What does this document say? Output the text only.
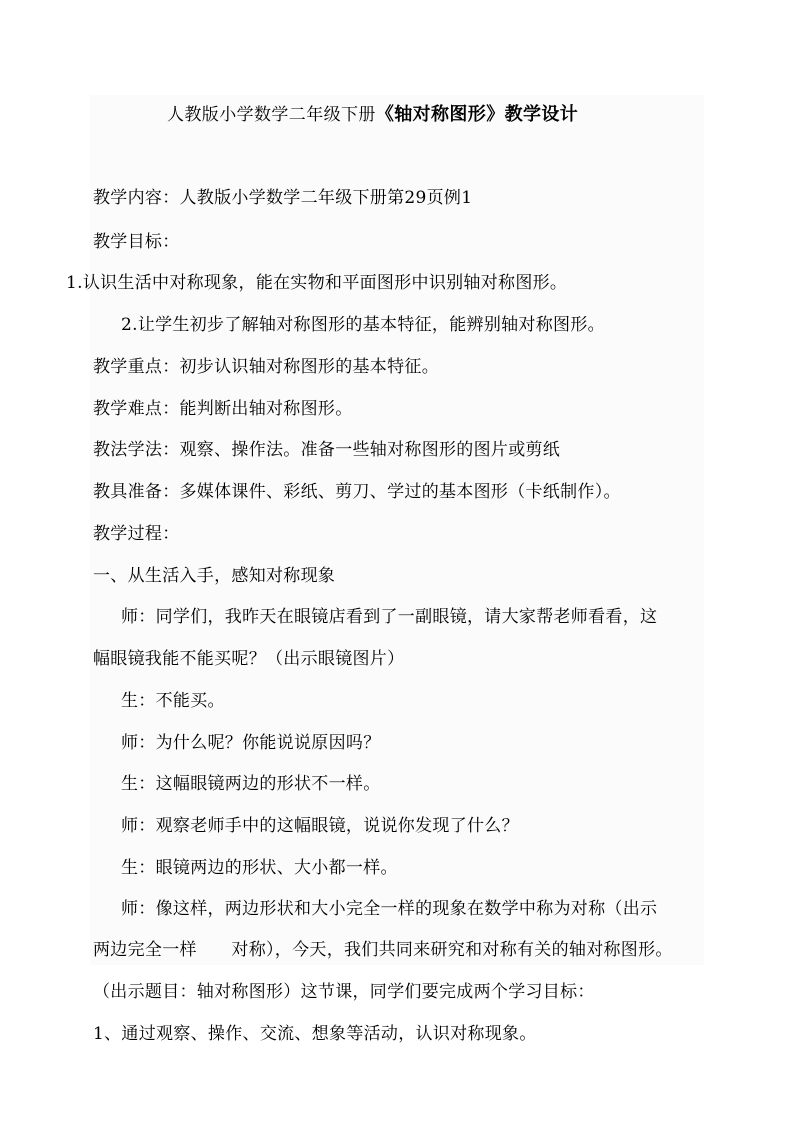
人教版小学数学二年级下册《轴对称图形》教学设计
教学内容：人教版小学数学二年级下册第29页例1
教学目标：
1.认识生活中对称现象，能在实物和平面图形中识别轴对称图形。
2.让学生初步了解轴对称图形的基本特征，能辨别轴对称图形。
教学重点：初步认识轴对称图形的基本特征。
教学难点：能判断出轴对称图形。
教法学法：观察、操作法。准备一些轴对称图形的图片或剪纸
教具准备：多媒体课件、彩纸、剪刀、学过的基本图形（卡纸制作）。
教学过程：
一、从生活入手，感知对称现象
师：同学们，我昨天在眼镜店看到了一副眼镜，请大家帮老师看看，这
幅眼镜我能不能买呢？（出示眼镜图片）
生：不能买。
师：为什么呢？你能说说原因吗？
生：这幅眼镜两边的形状不一样。
师：观察老师手中的这幅眼镜，说说你发现了什么？
生：眼镜两边的形状、大小都一样。
师：像这样，两边形状和大小完全一样的现象在数学中称为对称（出示
两边完全一样　　对称），今天，我们共同来研究和对称有关的轴对称图形。
（出示题目：轴对称图形）这节课，同学们要完成两个学习目标：
1、通过观察、操作、交流、想象等活动，认识对称现象。
